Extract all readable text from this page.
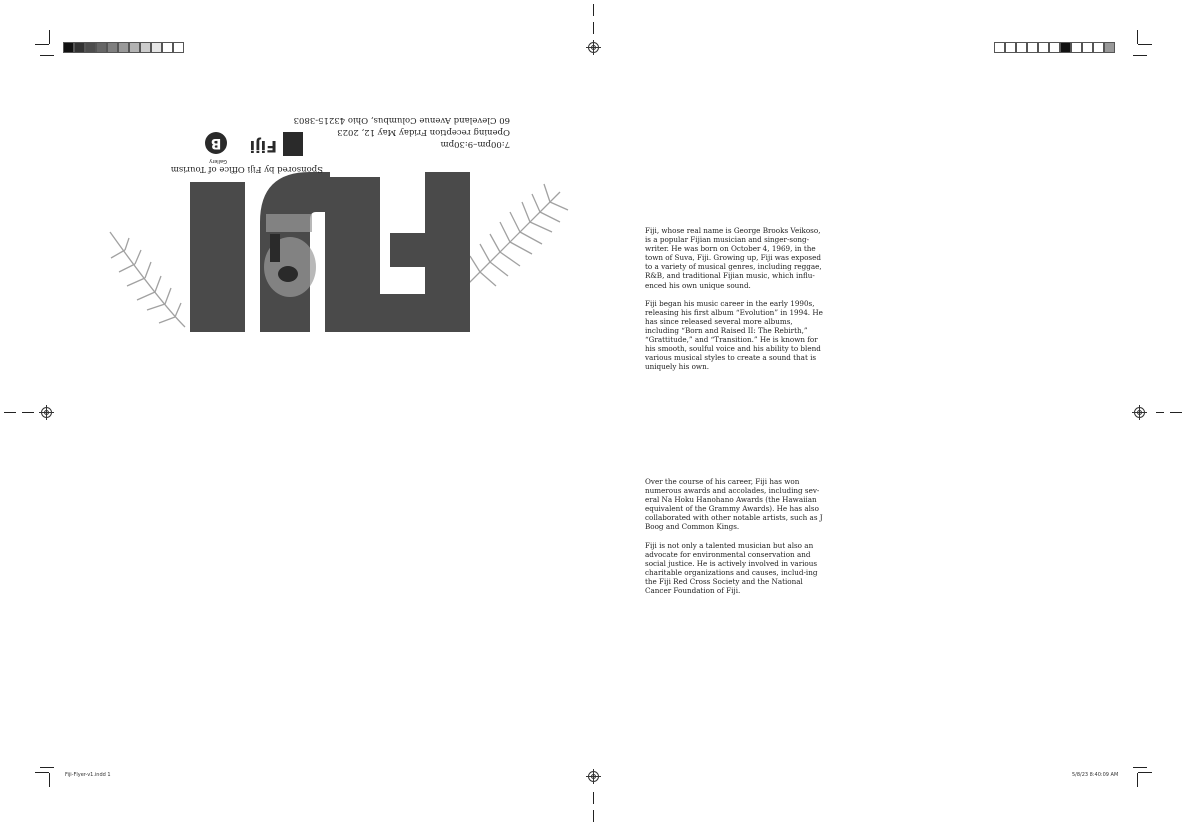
Fiji-Flyer-v1.indd 1	5/8/23 8:40:09 AM
7:00pm–9:30pm
Opening reception Friday May 12, 2023
60 Cleveland Avenue Columbus, Ohio 43215-3803
B
Gallery
Fiji
Sponsored by Fiji Office of Tourism

Fiji, whose real name is George Brooks Veikoso, is a popular Fijian musician and singer-song-writer. He was born on October 4, 1969, in the town of Suva, Fiji. Growing up, Fiji was exposed to a variety of musical genres, including reggae, R&B, and traditional Fijian music, which influ-enced his own unique sound.

Fiji began his music career in the early 1990s, releasing his first album “Evolution” in 1994. He has since released several more albums, including “Born and Raised II: The Rebirth,” “Grattitude,” and “Transition.” He is known for his smooth, soulful voice and his ability to blend various musical styles to create a sound that is uniquely his own.

Over the course of his career, Fiji has won numerous awards and accolades, including sev-eral Na Hoku Hanohano Awards (the Hawaiian equivalent of the Grammy Awards). He has also collaborated with other notable artists, such as J Boog and Common Kings.

Fiji is not only a talented musician but also an advocate for environmental conservation and social justice. He is actively involved in various charitable organizations and causes, includ-ing the Fiji Red Cross Society and the National Cancer Foundation of Fiji.
